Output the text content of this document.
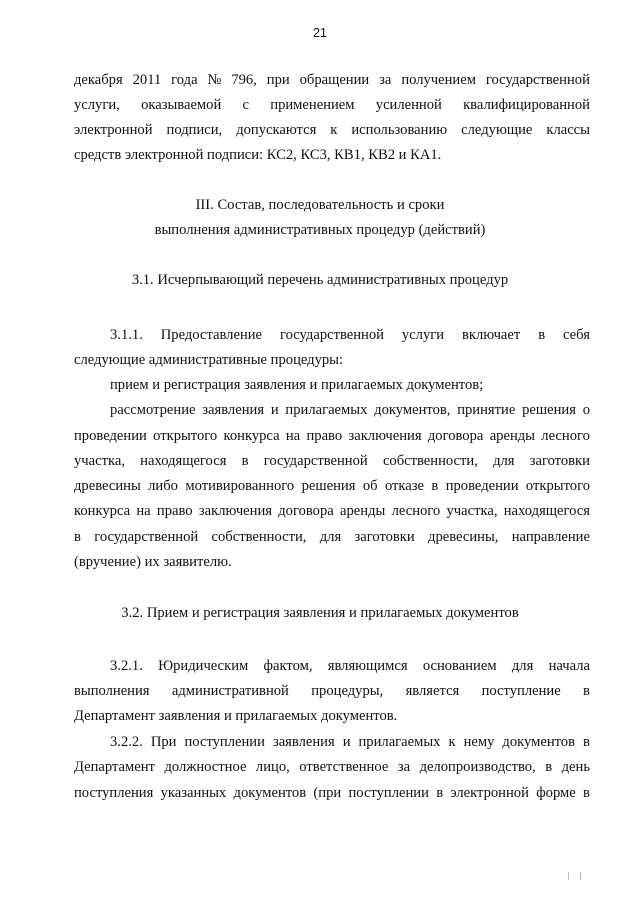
21
декабря 2011 года № 796, при обращении за получением государственной
услуги, оказываемой с применением усиленной квалифицированной
электронной подписи, допускаются к использованию следующие классы
средств электронной подписи: КС2, КС3, КВ1, КВ2 и КА1.
III. Состав, последовательность и сроки
выполнения административных процедур (действий)
3.1. Исчерпывающий перечень административных процедур
3.1.1. Предоставление государственной услуги включает в себя
следующие административные процедуры:
прием и регистрация заявления и прилагаемых документов;
рассмотрение заявления и прилагаемых документов, принятие решения о
проведении открытого конкурса на право заключения договора аренды лесного
участка, находящегося в государственной собственности, для заготовки
древесины либо мотивированного решения об отказе в проведении открытого
конкурса на право заключения договора аренды лесного участка, находящегося
в государственной собственности, для заготовки древесины, направление
(вручение) их заявителю.
3.2. Прием и регистрация заявления и прилагаемых документов
3.2.1. Юридическим фактом, являющимся основанием для начала
выполнения административной процедуры, является поступление в
Департамент заявления и прилагаемых документов.
3.2.2. При поступлении заявления и прилагаемых к нему документов в
Департамент должностное лицо, ответственное за делопроизводство, в день
поступления указанных документов (при поступлении в электронной форме в
